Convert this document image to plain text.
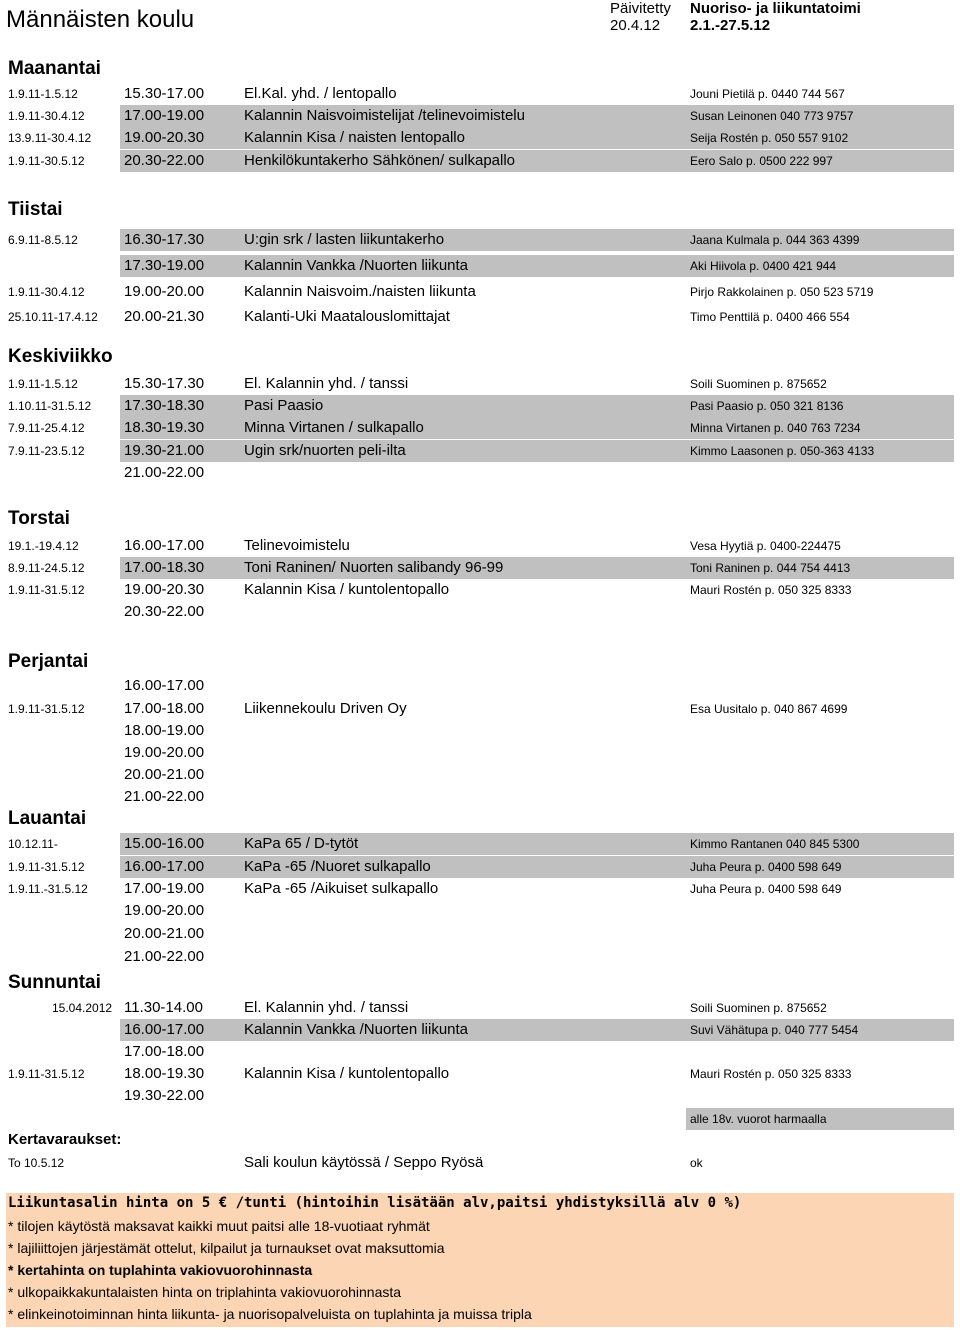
Männäisten koulu	Päivitetty
20.4.12
Nuoriso- ja liikuntatoimi
2.1.-27.5.12
Maanantai
Tiistai
Keskiviikko
Torstai
Perjantai
Lauantai
Sunnuntai
1.9.11-1.5.12	15.30-17.00	El.Kal. yhd. / lentopallo	Jouni Pietilä p. 0440 744 567
1.9.11-30.4.12	17.00-19.00	Kalannin Naisvoimistelijat /telinevoimistelu	Susan Leinonen 040 773 9757
13.9.11-30.4.12 19.00-20.30	Kalannin Kisa / naisten lentopallo	Seija Rostén p. 050 557 9102
1.9.11-30.5.12	20.30-22.00	Henkilökuntakerho Sähkönen/ sulkapallo	Eero Salo p. 0500 222 997
6.9.11-8.5.12	16.30-17.30	U:gin srk / lasten liikuntakerho	Jaana Kulmala p. 044 363 4399
17.30-19.00	Kalannin Vankka /Nuorten liikunta	Aki Hiivola p. 0400 421 944
1.9.11-30.4.12	19.00-20.00	Kalannin Naisvoim./naisten liikunta	Pirjo Rakkolainen p. 050 523 5719
25.10.11-17.4.12 20.00-21.30	Kalanti-Uki Maatalouslomittajat	Timo Penttilä p. 0400 466 554
1.9.11-1.5.12	15.30-17.30	El. Kalannin yhd. / tanssi	Soili Suominen p. 875652
1.10.11-31.5.12 17.30-18.30	Pasi Paasio	Pasi Paasio p. 050 321 8136
7.9.11-25.4.12	18.30-19.30	Minna Virtanen / sulkapallo	Minna Virtanen p. 040 763 7234
7.9.11-23.5.12	19.30-21.00	Ugin srk/nuorten peli-ilta	Kimmo Laasonen p. 050-363 4133
21.00-22.00
19.1.-19.4.12	16.00-17.00	Telinevoimistelu	Vesa Hyytiä p. 0400-224475
8.9.11-24.5.12	17.00-18.30	Toni Raninen/ Nuorten salibandy 96-99	Toni Raninen p. 044 754 4413
1.9.11-31.5.12	19.00-20.30	Kalannin Kisa / kuntolentopallo	Mauri Rostén p. 050 325 8333
20.30-22.00
16.00-17.00
1.9.11-31.5.12	17.00-18.00	Liikennekoulu Driven Oy	Esa Uusitalo p. 040 867 4699
18.00-19.00
19.00-20.00
20.00-21.00
21.00-22.00
10.12.11-	15.00-16.00	KaPa 65 / D-tytöt	Kimmo Rantanen 040 845 5300
1.9.11-31.5.12	16.00-17.00	KaPa -65 /Nuoret sulkapallo	Juha Peura p. 0400 598 649
1.9.11.-31.5.12 17.00-19.00	KaPa -65 /Aikuiset sulkapallo	Juha Peura p. 0400 598 649
19.00-20.00
20.00-21.00
21.00-22.00
15.04.2012 11.30-14.00	El. Kalannin yhd. / tanssi	Soili Suominen p. 875652
16.00-17.00	Kalannin Vankka /Nuorten liikunta	Suvi Vähätupa p. 040 777 5454
17.00-18.00
1.9.11-31.5.12	18.00-19.30	Kalannin Kisa / kuntolentopallo	Mauri Rostén p. 050 325 8333
19.30-22.00
alle 18v. vuorot harmaalla
Kertavaraukset:
To 10.5.12	Sali koulun käytössä / Seppo Ryösä	ok
Liikuntasalin hinta on 5 € /tunti (hintoihin lisätään alv,paitsi yhdistyksillä alv 0 %)
* tilojen käytöstä maksavat kaikki muut paitsi alle 18-vuotiaat ryhmät
* lajiliittojen järjestämät ottelut, kilpailut ja turnaukset ovat maksuttomia
* kertahinta on tuplahinta vakiovuorohinnasta
* ulkopaikkakuntalaisten hinta on triplahinta vakiovuorohinnasta
* elinkeinotoiminnan hinta liikunta- ja nuorisopalveluista on tuplahinta ja muissa tripla
